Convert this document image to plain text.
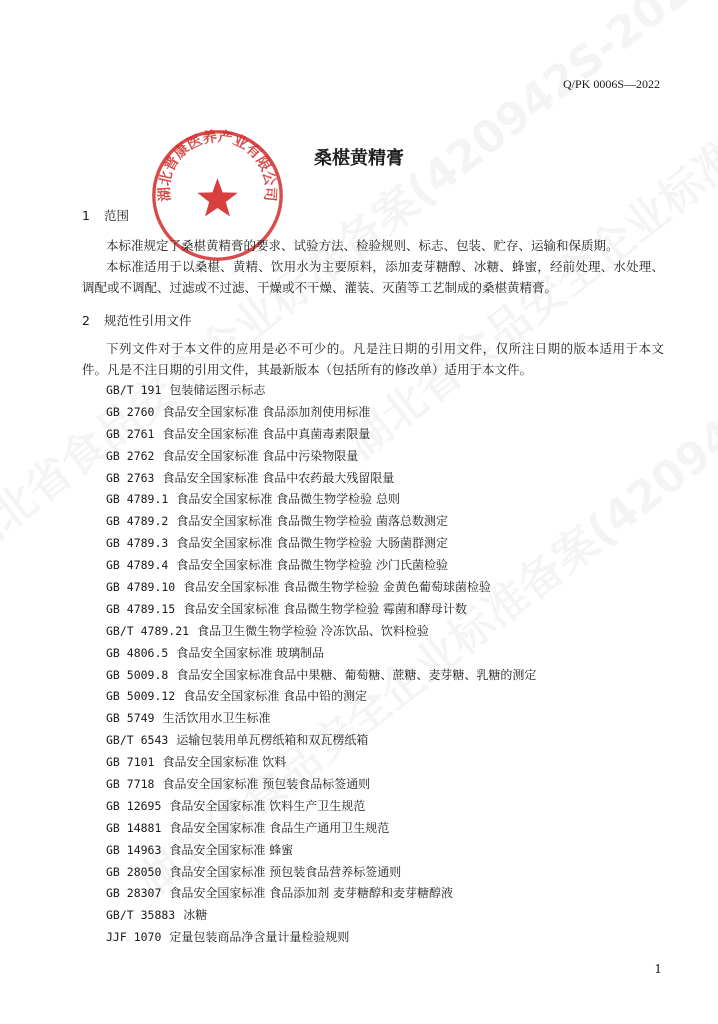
Q/PK 0006S—2022
湖北普康医养产业有限公司
桑椹黄精膏
1 范围
本标准规定了桑椹黄精膏的要求、试验方法、检验规则、标志、包装、贮存、运输和保质期。
本标准适用于以桑椹、黄精、饮用水为主要原料，添加麦芽糖醇、冰糖、蜂蜜，经前处理、水处理、调配或不调配、过滤或不过滤、干燥或不干燥、灌装、灭菌等工艺制成的桑椹黄精膏。
2 规范性引用文件
下列文件对于本文件的应用是必不可少的。凡是注日期的引用文件，仅所注日期的版本适用于本文件。凡是不注日期的引用文件，其最新版本（包括所有的修改单）适用于本文件。
GB/T 191 包装储运图示标志
GB 2760 食品安全国家标准 食品添加剂使用标准
GB 2761 食品安全国家标准 食品中真菌毒素限量
GB 2762 食品安全国家标准 食品中污染物限量
GB 2763 食品安全国家标准 食品中农药最大残留限量
GB 4789.1 食品安全国家标准 食品微生物学检验 总则
GB 4789.2 食品安全国家标准 食品微生物学检验 菌落总数测定
GB 4789.3 食品安全国家标准 食品微生物学检验 大肠菌群测定
GB 4789.4 食品安全国家标准 食品微生物学检验 沙门氏菌检验
GB 4789.10 食品安全国家标准 食品微生物学检验 金黄色葡萄球菌检验
GB 4789.15 食品安全国家标准 食品微生物学检验 霉菌和酵母计数
GB/T 4789.21 食品卫生微生物学检验 冷冻饮品、饮料检验
GB 4806.5 食品安全国家标准 玻璃制品
GB 5009.8 食品安全国家标准食品中果糖、葡萄糖、蔗糖、麦芽糖、乳糖的测定
GB 5009.12 食品安全国家标准 食品中铅的测定
GB 5749 生活饮用水卫生标准
GB/T 6543 运输包装用单瓦楞纸箱和双瓦楞纸箱
GB 7101 食品安全国家标准 饮料
GB 7718 食品安全国家标准 预包装食品标签通则
GB 12695 食品安全国家标准 饮料生产卫生规范
GB 14881 食品安全国家标准 食品生产通用卫生规范
GB 14963 食品安全国家标准 蜂蜜
GB 28050 食品安全国家标准 预包装食品营养标签通则
GB 28307 食品安全国家标准 食品添加剂 麦芽糖醇和麦芽糖醇液
GB/T 35883 冰糖
JJF 1070 定量包装商品净含量计量检验规则
1
